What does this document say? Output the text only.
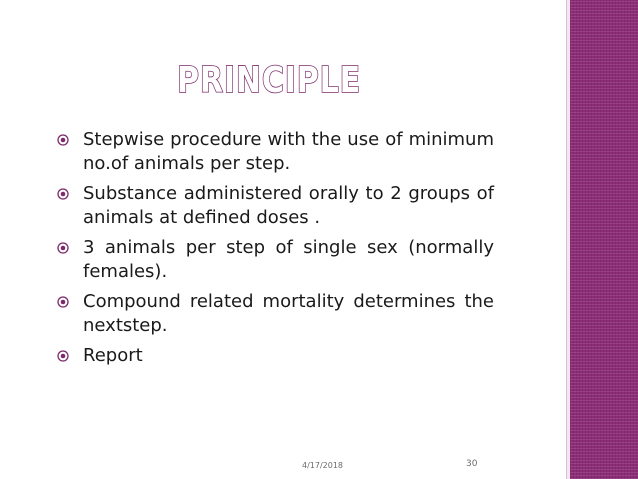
PRINCIPLE
Stepwise procedure with the use of minimum no.of animals per step.
Substance administered orally to 2 groups of animals at defined doses .
3 animals per step of single sex (normally females).
Compound related mortality determines the nextstep.
Report
4/17/2018	30
